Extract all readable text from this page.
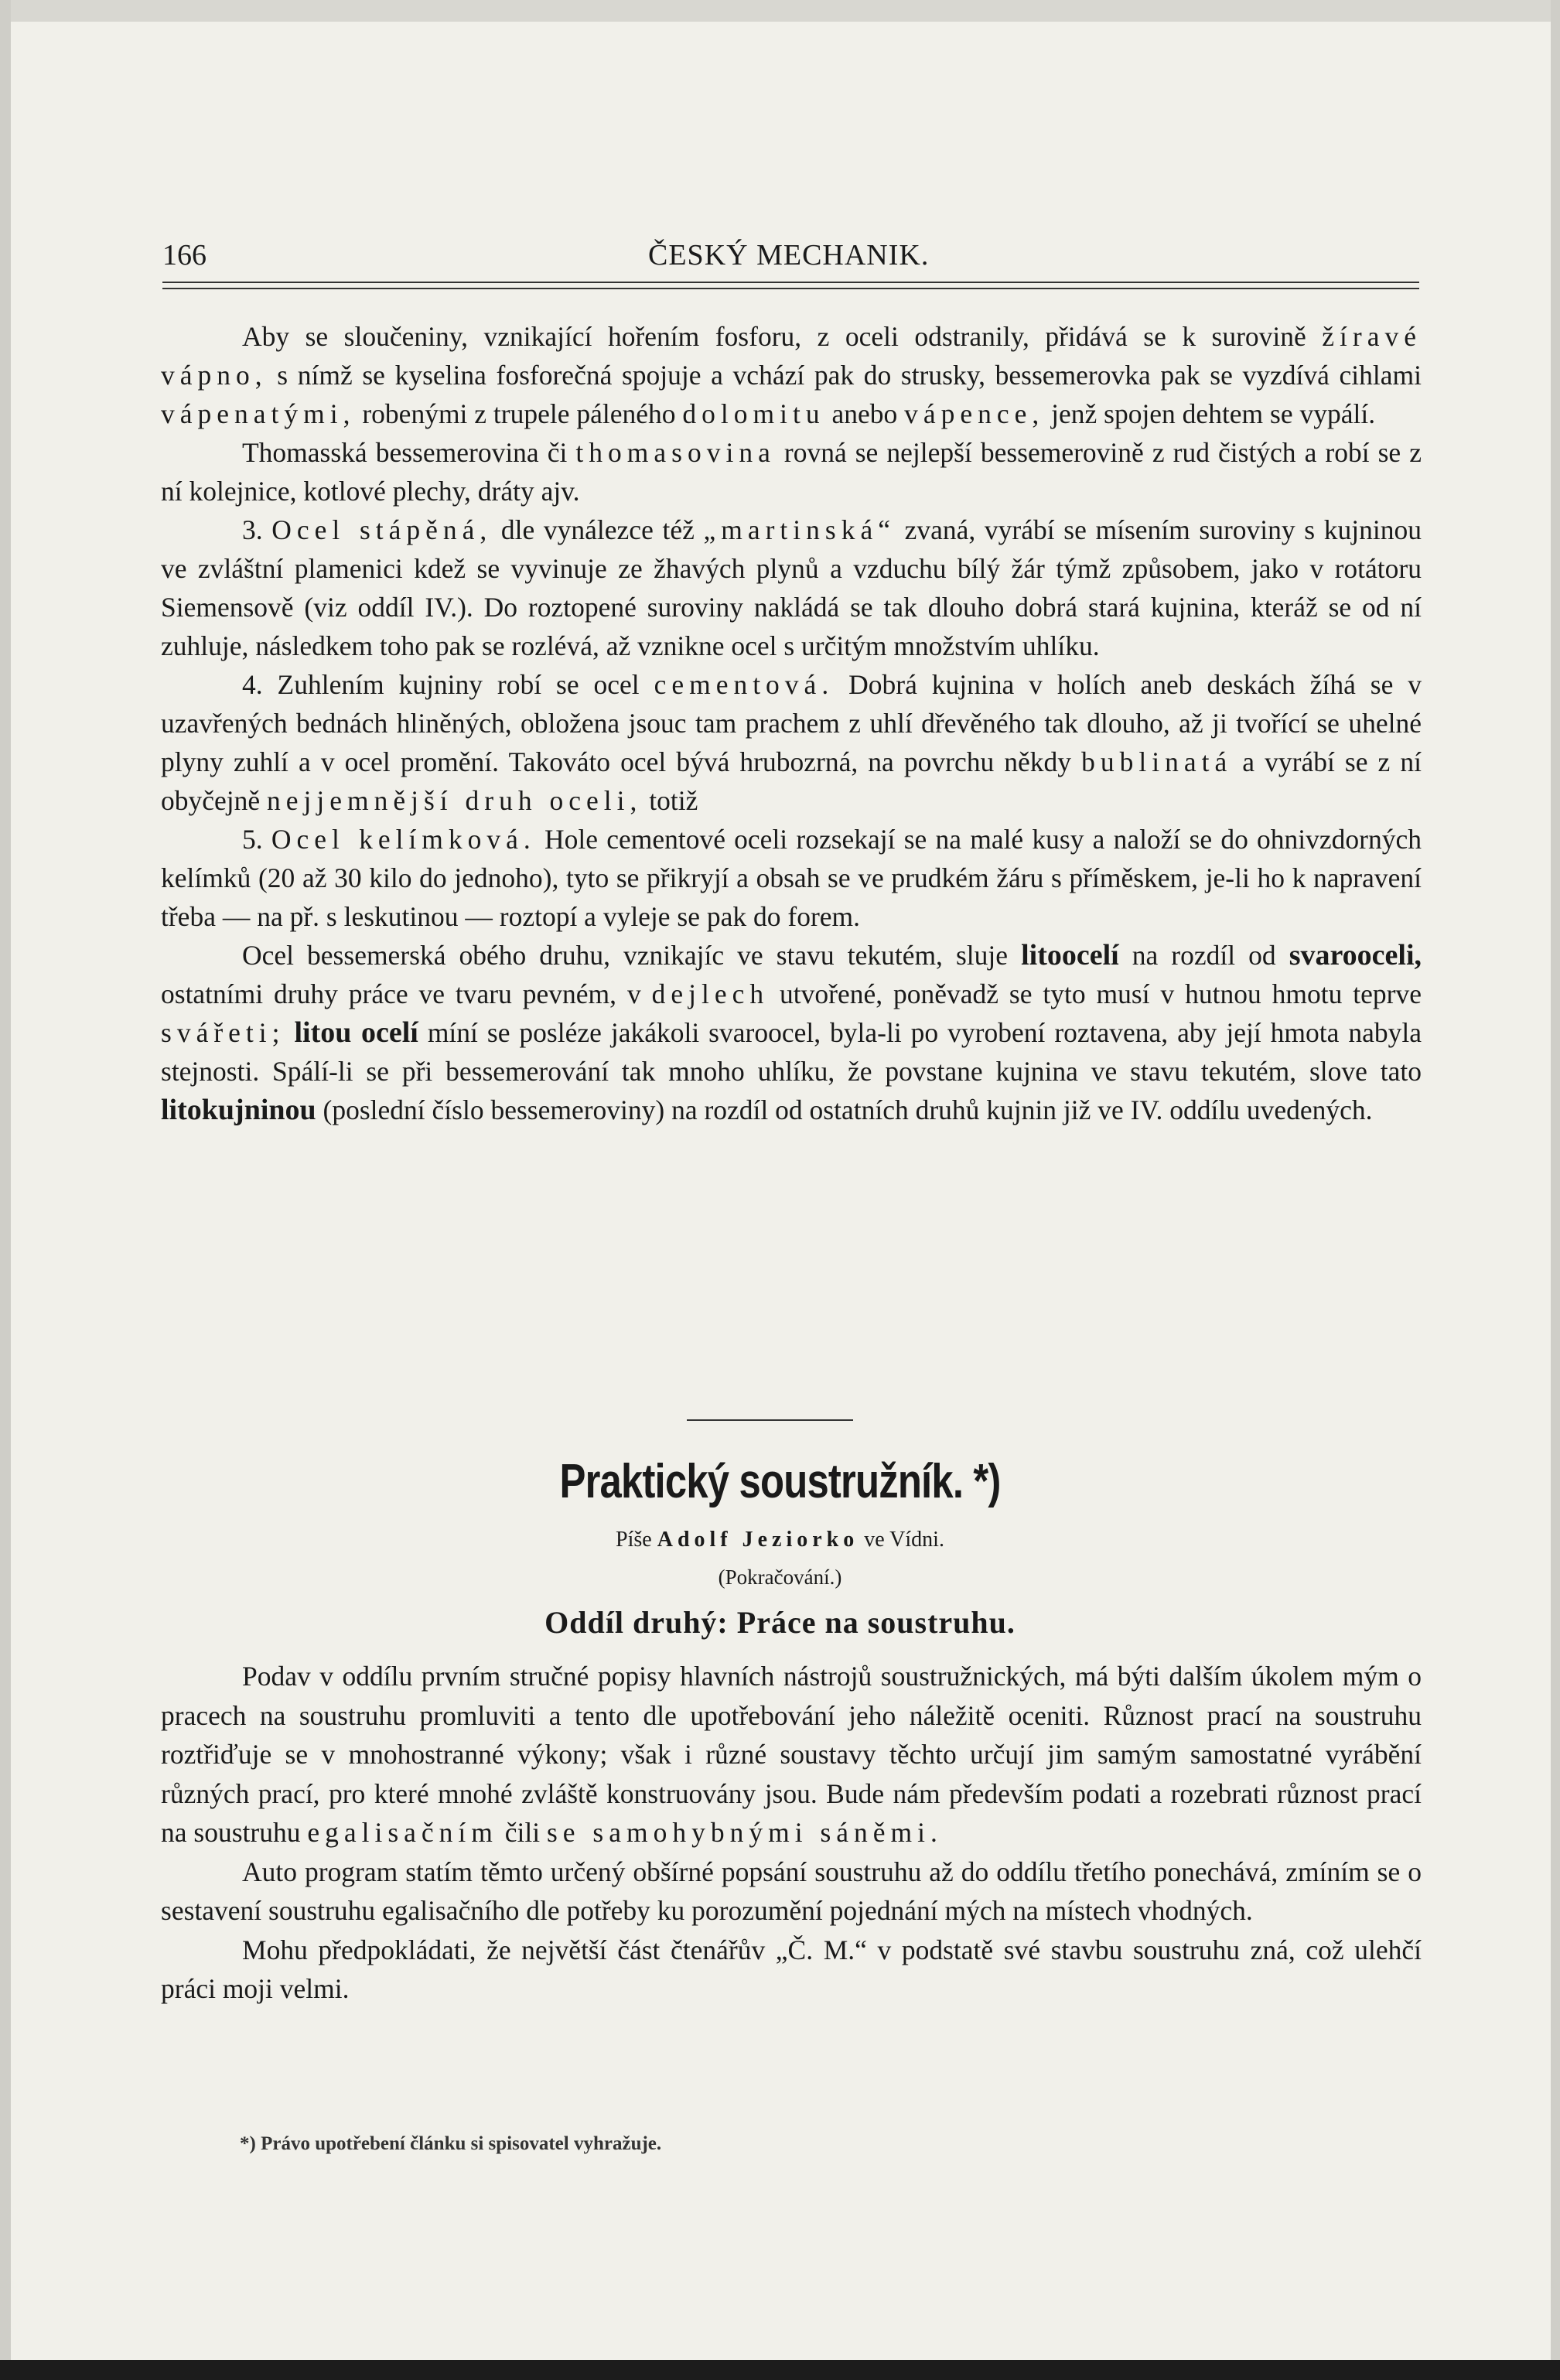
166	ČESKÝ MECHANIK.

Aby se sloučeniny, vznikající hořením fosforu, z oceli odstranily, přidává se k surovině žíravé vápno, s nímž se kyselina fosforečná spojuje a vchází pak do strusky, bessemerovka pak se vyzdívá cihlami vápenatými, robenými z trupele páleného dolomitu anebo vápence, jenž spojen dehtem se vypálí.

Thomasská bessemerovina či thomasovina rovná se nejlepší bessemerovině z rud čistých a robí se z ní kolejnice, kotlové plechy, dráty ajv.

3. Ocel stápěná, dle vynálezce též „martinská“ zvaná, vyrábí se mísením suroviny s kujninou ve zvláštní plamenici kdež se vyvinuje ze žhavých plynů a vzduchu bílý žár týmž způsobem, jako v rotátoru Siemensově (viz oddíl IV.). Do roztopené suroviny nakládá se tak dlouho dobrá stará kujnina, kteráž se od ní zuhluje, následkem toho pak se rozlévá, až vznikne ocel s určitým množstvím uhlíku.

4. Zuhlením kujniny robí se ocel cementová. Dobrá kujnina v holích aneb deskách žíhá se v uzavřených bednách hliněných, obložena jsouc tam prachem z uhlí dřevěného tak dlouho, až ji tvořící se uhelné plyny zuhlí a v ocel promění. Takováto ocel bývá hrubozrná, na povrchu někdy bublinatá a vyrábí se z ní obyčejně nejjemnější druh oceli, totiž

5. Ocel kelímková. Hole cementové oceli rozsekají se na malé kusy a naloží se do ohnivzdorných kelímků (20 až 30 kilo do jednoho), tyto se přikryjí a obsah se ve prudkém žáru s příměskem, je-li ho k napravení třeba — na př. s leskutinou — roztopí a vyleje se pak do forem.

Ocel bessemerská obého druhu, vznikajíc ve stavu tekutém, sluje litoocelí na rozdíl od svarooceli, ostatními druhy práce ve tvaru pevném, v dejlech utvořené, poněvadž se tyto musí v hutnou hmotu teprve svářeti; litou ocelí míní se posléze jakákoli svaroocel, byla-li po vyrobení roztavena, aby její hmota nabyla stejnosti. Spálí-li se při bessemerování tak mnoho uhlíku, že povstane kujnina ve stavu tekutém, slove tato litokujninou (poslední číslo bessemeroviny) na rozdíl od ostatních druhů kujnin již ve IV. oddílu uvedených.

Praktický soustružník. *)
Píše Adolf Jeziorko ve Vídni.
(Pokračování.)
Oddíl druhý: Práce na soustruhu.

Podav v oddílu prvním stručné popisy hlavních nástrojů soustružnických, má býti dalším úkolem mým o pracech na soustruhu promluviti a tento dle upotřebování jeho náležitě oceniti. Různost prací na soustruhu roztřiďuje se v mnohostranné výkony; však i různé soustavy těchto určují jim samým samostatné vyrábění různých prací, pro které mnohé zvláště konstruovány jsou. Bude nám především podati a rozebrati různost prací na soustruhu egalisačním čili se samohybnými sáněmi.

Auto program statím těmto určený obšírné popsání soustruhu až do oddílu třetího ponechává, zmíním se o sestavení soustruhu egalisačního dle potřeby ku porozumění pojednání mých na místech vhodných.

Mohu předpokládati, že největší část čtenářův „Č. M.“ v podstatě své stavbu soustruhu zná, což ulehčí práci moji velmi.

*) Právo upotřebení článku si spisovatel vyhražuje.
